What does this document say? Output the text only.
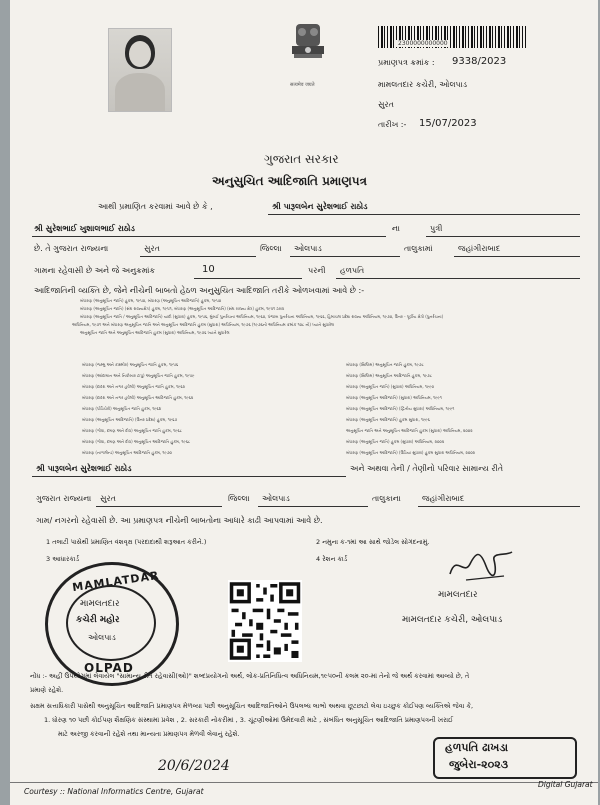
सत्यमेव जयते
2300000000000
પ્રમાણપત્ર ક્રમાંક : 9338/2023
મામલતદાર કચેરી, ઓલપાડ
સુરત
તારીખ :- 15/07/2023
ગુજરાત સરકાર
અનુસુચિત આદિજાતિ પ્રમાણપત્ર
આથી પ્રમાણિત કરવામાં આવે છે કે ,	શ્રી પારૂલબેન સુરેશભાઈ રાઠોડ
શ્રી સુરેશભાઈ ખુશાલભાઈ રાઠોડ	ના	પુત્રી
છે. તે ગુજરાત રાજ્યના	સુરત	જિલ્લા ઓલપાડ	તાલુકામાં	જહાંગીરાબાદ
ગામના રહેવાસી છે અને જે અનુક્રમાંક	10	પરની હળપતિ
આદિજાતિની વ્યક્તિ છે, જેને નીચેની બાબતો હેઠળ અનુસુચિત આદિજાતિ તરીકે ઓળખવામાં આવે છે :-
બંધારણ (અનુસૂચિત જાતિ) હુકમ, ૧૯૫૦, બંધારણ (અનુસૂચિત આદિજાતિ) હુકમ, ૧૯૫૦
બંધારણ (અનુસૂચિત જાતિ) (સંઘ રાજ્યક્ષેત્ર) હુકમ, ૧૯૫૧, બંધારણ (અનુસૂચિત આદિજાતિ) (સંઘ રાજ્ય ક્ષેત્ર) હુકમ, ૧૯૫૧ ઠરાવ
બંધારણ (અનુસૂચિત જાતિ / અનુસૂચિત આદિજાતિ) યાદી (સુધારા) હુકમ, ૧૯૫૬, મુંબઈ પુનર્રચના અધિનિયમ, ૧૯૬૦, પંજાબ પુનર્રચના અધિનિયમ, ૧૯૬૬, હિમાચલ પ્રદેશ રાજ્ય અધિનિયમ, ૧૯૭૦, ઉત્તર - પૂર્વીય ક્ષેત્રો (પુનર્રચના)
અધિનિયમ, ૧૯૭૧ અને બંધારણ અનુસૂચિત જાતિ અને અનુસૂચિત આદિજાતિ હુકમ (સુધારા) અધિનિયમ, ૧૯૭૬ (૧૯૭૬નો અધિનિયમ ક્રમાંક ૧૦૮ નો) ધ્યાને સુધારેલ
અનુસૂચિત જાતિ અને અનુસૂચિત આદિજાતિ હુકમ (સુધારા) અધિનિયમ, ૧૯૭૬ ધ્યાને સુધારેલ
બંધારણ (જમ્મુ અને કાશ્મીર) અનુસૂચિત જાતિ હુકમ, ૧૯૫૬
બંધારણ (આંદામાન અને નિકોબાર ટાપુ) અનુસૂચિત જાતિ હુકમ, ૧૯૫૯
બંધારણ (દાદરા અને નગર હવેલી) અનુસૂચિત જાતિ હુકમ, ૧૯૬૨
બંધારણ (દાદરા અને નગર હવેલી) અનુસૂચિત આદિજાતિ હુકમ, ૧૯૬૨
બંધારણ (પોંડિચેરી) અનુસૂચિત જાતિ હુકમ, ૧૯૬૪
બંધારણ (અનુસૂચિત આદિજાતિ) (ઉત્તર પ્રદેશ) હુકમ, ૧૯૬૭
બંધારણ (ગોવા, દમણ અને દીવ) અનુસૂચિત જાતિ હુકમ, ૧૯૬૮
બંધારણ (ગોવા, દમણ અને દીવ) અનુસૂચિત આદિજાતિ હુકમ, ૧૯૬૮
બંધારણ (નાગાલેન્ડ) અનુસૂચિત આદિજાતિ હુકમ, ૧૯૭૦
બંધારણ (સિક્કિમ) અનુસૂચિત જાતિ હુકમ, ૧૯૭૮
બંધારણ (સિક્કિમ) અનુસૂચિત આદિજાતિ હુકમ, ૧૯૭૮
બંધારણ (અનુસૂચિત જાતિ) (સુધારા) અધિનિયમ, ૧૯૯૦
બંધારણ (અનુસૂચિત આદિજાતિ) (સુધારા) અધિનિયમ, ૧૯૯૧
બંધારણ (અનુસૂચિત આદિજાતિ) (દ્વિતીય સુધારા) અધિનિયમ, ૧૯૯૧
બંધારણ (અનુસૂચિત આદિજાતિ) હુકમ સુધારા, ૧૯૯૬
અનુસૂચિત જાતિ અને અનુસૂચિત આદિજાતિ હુકમ (સુધારા) અધિનિયમ, ૨૦૦૨
બંધારણ (અનુસૂચિત જાતિ) હુકમ (સુધારા) અધિનિયમ, ૨૦૦૨
બંધારણ (અનુસૂચિત આદિજાતિ) (ઉડિયા સુધારા) હુકમ સુધારા અધિનિયમ, ૨૦૦૨
શ્રી પારૂલબેન સુરેશભાઈ રાઠોડ	અને અથવા તેની / તેણીનો પરિવાર સામાન્ય રીતે
ગુજરાત રાજ્યના સુરત	જિલ્લા ઓલપાડ	તાલુકાના	જહાંગીરાબાદ
ગામ/ નગરનો રહેવાસી છે. આ પ્રમાણપત્ર નીચેની બાબતોના આધારે કાઢી આપવામાં આવે છે.
1 તલાટી પાસેથી પ્રમાણિત વંશવૃક્ષ (પરદાદાથી શરૂઆત કરીને.)	2 નમુના ક-૧માં આ સાથે જોડેલ સોગંદનામું.
3 આધારકાર્ડ	4 રેશન કાર્ડ
MAMLATDAR
મામલતદાર
કચેરી મહોર
ઓલપાડ
OLPAD
મામલતદાર
મામલતદાર કચેરી, ઓલપાડ
નોંધ :- અહીં ઉપયોગમાં લેવાયેલ "સામાન્ય રીતે રહેવાસી(ઓ)" શબ્દપ્રયોગનો અર્થ, લોક-પ્રતિનિધિત્વ અધિનિયમ,૧૯૫૦ની કલમ ૨૦-માં તેનો જે અર્થ કરવામાં આવ્યો છે, તે
પ્રમાણે રહેશે.
સક્ષમ સત્તાધિકારી પાસેથી અનુસૂચિત આદિજાતિ પ્રમાણપત્ર મેળવ્યા પછી અનુસૂચિત આદિજાતિઓને ઉપલબ્ધ લાભો અથવા છૂટછાટો લેવા ઇચ્છુક કોઈપણ વ્યક્તિએ જેવા કે,
1. ધોરણ ૧૦ પછી કોઈપણ શૈક્ષણિક સંસ્થામાં પ્રવેશ , 2. સરકારી નોકરીમાં , 3. ચૂંટણીઓમાં ઉમેદવારી માટે , સંબંધિત અનુસૂચિત આદિજાતિ પ્રમાણપત્રની ખરાઈ
માટે અરજી કરવાની રહેશે તથા માન્યતા પ્રમાણપત્ર મેળવી લેવાનું રહેશે.
20/6/2024
હળપતિ ઢાખડા
જુબેરા-૨૦૨૩
Courtesy :: National Informatics Centre, Gujarat
Digital Gujarat
